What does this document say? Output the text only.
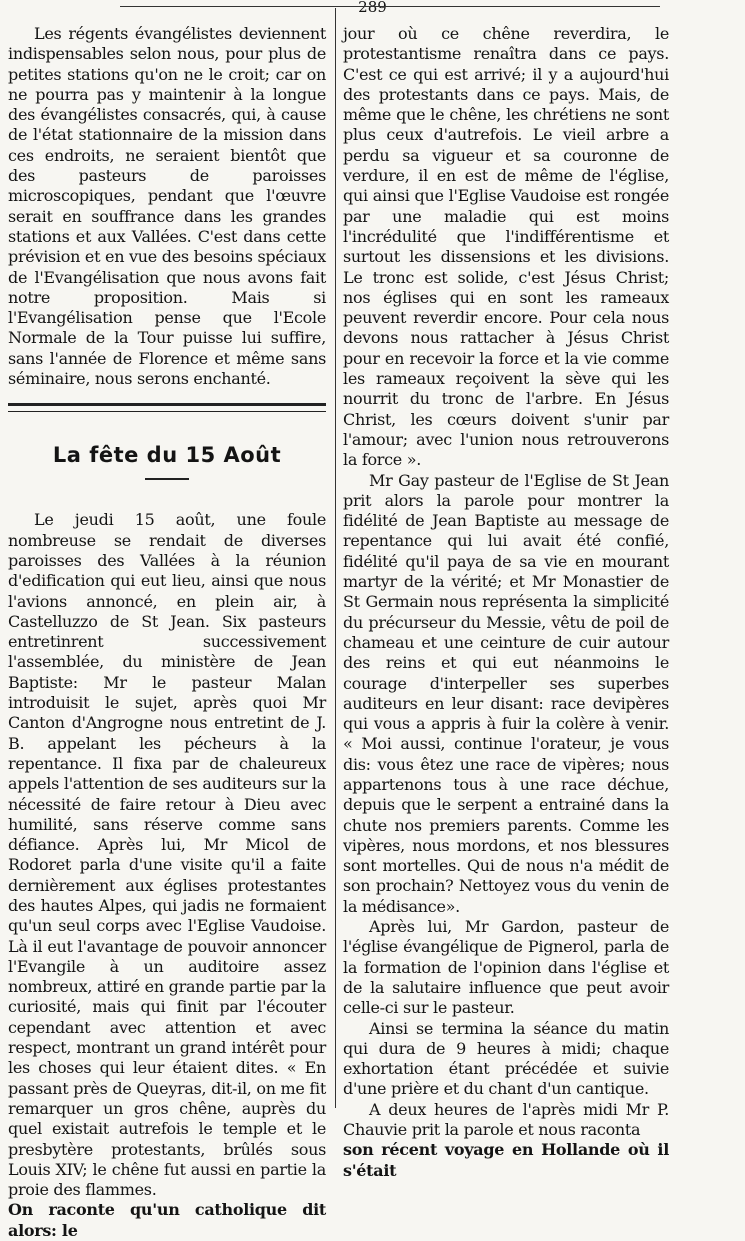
289

Les régents évangélistes deviennent indispensables selon nous, pour plus de petites stations qu'on ne le croit; car on ne pourra pas y maintenir à la longue des évangélistes consacrés, qui, à cause de l'état stationnaire de la mission dans ces endroits, ne seraient bientôt que des pasteurs de paroisses microscopiques, pendant que l'œuvre serait en souffrance dans les grandes stations et aux Vallées. C'est dans cette prévision et en vue des besoins spéciaux de l'Evangélisation que nous avons fait notre proposition. Mais si l'Evangélisation pense que l'Ecole Normale de la Tour puisse lui suffire, sans l'année de Florence et même sans séminaire, nous serons enchanté.

La fête du 15 Août

Le jeudi 15 août, une foule nombreuse se rendait de diverses paroisses des Vallées à la réunion d'edification qui eut lieu, ainsi que nous l'avions annoncé, en plein air, à Castelluzzo de St Jean. Six pasteurs entretinrent successivement l'assemblée, du ministère de Jean Baptiste: Mr le pasteur Malan introduisit le sujet, après quoi Mr Canton d'Angrogne nous entretint de J. B. appelant les pécheurs à la repentance. Il fixa par de chaleureux appels l'attention de ses auditeurs sur la nécessité de faire retour à Dieu avec humilité, sans réserve comme sans défiance. Après lui, Mr Micol de Rodoret parla d'une visite qu'il a faite dernièrement aux églises protestantes des hautes Alpes, qui jadis ne formaient qu'un seul corps avec l'Eglise Vaudoise. Là il eut l'avantage de pouvoir annoncer l'Evangile à un auditoire assez nombreux, attiré en grande partie par la curiosité, mais qui finit par l'écouter cependant avec attention et avec respect, montrant un grand intérêt pour les choses qui leur étaient dites. « En passant près de Queyras, dit-il, on me fit remarquer un gros chêne, auprès du quel existait autrefois le temple et le presbytère protestants, brûlés sous Louis XIV; le chêne fut aussi en partie la proie des flammes.

On raconte qu'un catholique dit alors: le

jour où ce chêne reverdira, le protestantisme renaîtra dans ce pays. C'est ce qui est arrivé; il y a aujourd'hui des protestants dans ce pays. Mais, de même que le chêne, les chrétiens ne sont plus ceux d'autrefois. Le vieil arbre a perdu sa vigueur et sa couronne de verdure, il en est de même de l'église, qui ainsi que l'Eglise Vaudoise est rongée par une maladie qui est moins l'incrédulité que l'indifférentisme et surtout les dissensions et les divisions. Le tronc est solide, c'est Jésus Christ; nos églises qui en sont les rameaux peuvent reverdir encore. Pour cela nous devons nous rattacher à Jésus Christ pour en recevoir la force et la vie comme les rameaux reçoivent la sève qui les nourrit du tronc de l'arbre. En Jésus Christ, les cœurs doivent s'unir par l'amour; avec l'union nous retrouverons la force ».

Mr Gay pasteur de l'Eglise de St Jean prit alors la parole pour montrer la fidélité de Jean Baptiste au message de repentance qui lui avait été confié, fidélité qu'il paya de sa vie en mourant martyr de la vérité; et Mr Monastier de St Germain nous représenta la simplicité du précurseur du Messie, vêtu de poil de chameau et une ceinture de cuir autour des reins et qui eut néanmoins le courage d'interpeller ses superbes auditeurs en leur disant: race devipères qui vous a appris à fuir la colère à venir. « Moi aussi, continue l'orateur, je vous dis: vous êtez une race de vipères; nous appartenons tous à une race déchue, depuis que le serpent a entrainé dans la chute nos premiers parents. Comme les vipères, nous mordons, et nos blessures sont mortelles. Qui de nous n'a médit de son prochain? Nettoyez vous du venin de la médisance».

Après lui, Mr Gardon, pasteur de l'église évangélique de Pignerol, parla de la formation de l'opinion dans l'église et de la salutaire influence que peut avoir celle-ci sur le pasteur.

Ainsi se termina la séance du matin qui dura de 9 heures à midi; chaque exhortation étant précédée et suivie d'une prière et du chant d'un cantique.

A deux heures de l'après midi Mr P. Chauvie prit la parole et nous raconta

son récent voyage en Hollande où il s'était
